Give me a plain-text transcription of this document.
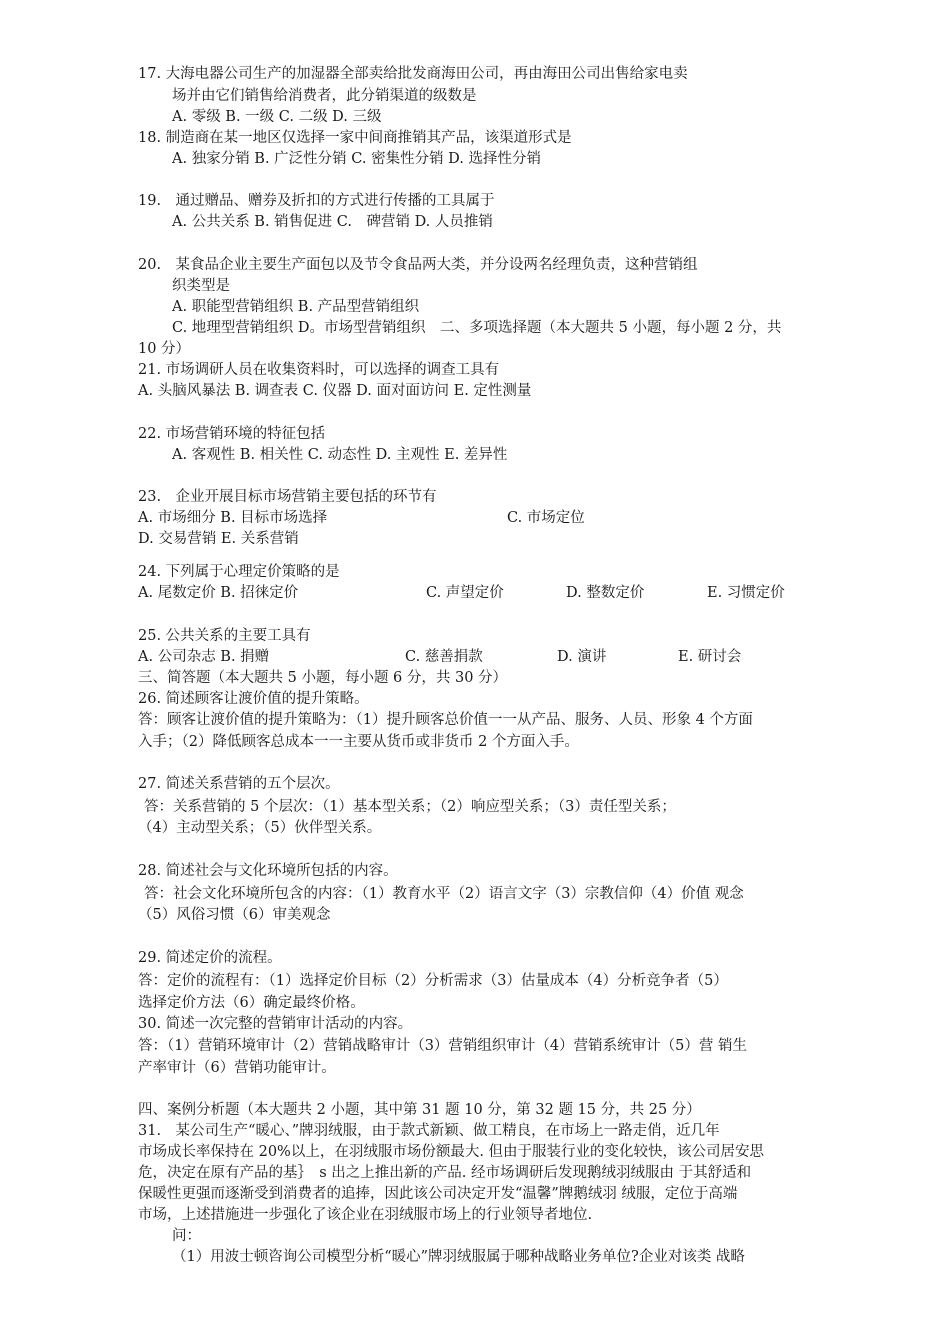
17. 大海电器公司生产的加湿器全部卖给批发商海田公司，再由海田公司出售给家电卖
场并由它们销售给消费者，此分销渠道的级数是
A. 零级 B. 一级 C. 二级 D. 三级
18. 制造商在某一地区仅选择一家中间商推销其产品，该渠道形式是
A. 独家分销 B. 广泛性分销 C. 密集性分销 D. 选择性分销
19.　通过赠品、赠券及折扣的方式进行传播的工具属于
A. 公共关系 B. 销售促进 C.　碑营销 D. 人员推销
20.　某食品企业主要生产面包以及节令食品两大类，并分设两名经理负责，这种营销组
织类型是
A. 职能型营销组织 B. 产品型营销组织
C. 地理型营销组织 D。市场型营销组织　二、多项选择题（本大题共 5 小题，每小题 2 分，共
10 分）
21. 市场调研人员在收集资料时，可以选择的调查工具有
A. 头脑风暴法 B. 调查表 C. 仪器 D. 面对面访问 E. 定性测量
22. 市场营销环境的特征包括
A. 客观性 B. 相关性 C. 动态性 D. 主观性 E. 差异性
23.　企业开展目标市场营销主要包括的环节有
A. 市场细分 B. 目标市场选择	C. 市场定位
D. 交易营销 E. 关系营销
24. 下列属于心理定价策略的是
A. 尾数定价 B. 招徕定价	C. 声望定价	D. 整数定价	E. 习惯定价
25. 公共关系的主要工具有
A. 公司杂志 B. 捐赠	C. 慈善捐款	D. 演讲	E. 研讨会
三、简答题（本大题共 5 小题，每小题 6 分，共 30 分）
26. 简述顾客让渡价值的提升策略。
答：顾客让渡价值的提升策略为：（1）提升顾客总价值一一从产品、服务、人员、形象 4 个方面
入手；（2）降低顾客总成本一一主要从货币或非货币 2 个方面入手。
27. 简述关系营销的五个层次。
答：关系营销的 5 个层次：（1）基本型关系；（2）响应型关系；（3）责任型关系；
（4）主动型关系；（5）伙伴型关系。
28. 简述社会与文化环境所包括的内容。
答：社会文化环境所包含的内容：（1）教育水平（2）语言文字（3）宗教信仰（4）价值 观念
（5）风俗习惯（6）审美观念
29. 简述定价的流程。
答：定价的流程有：（1）选择定价目标（2）分析需求（3）估量成本（4）分析竞争者（5）
选择定价方法（6）确定最终价格。
30. 简述一次完整的营销审计活动的内容。
答：（1）营销环境审计（2）营销战略审计（3）营销组织审计（4）营销系统审计（5）营 销生
产率审计（6）营销功能审计。
四、案例分析题（本大题共 2 小题，其中第 31 题 10 分，第 32 题 15 分，共 25 分）
31.　某公司生产“暖心、”牌羽绒服，由于款式新颖、做工精良，在市场上一路走俏，近几年
市场成长率保持在 20%以上，在羽绒服市场份额最大. 但由于服装行业的变化较快，该公司居安思
危，决定在原有产品的基｝　s 出之上推出新的产品. 经市场调研后发现鹅绒羽绒服由 于其舒适和
保暖性更强而逐渐受到消费者的追捧，因此该公司决定开发“温馨”牌鹅绒羽 绒服，定位于高端
市场，上述措施进一步强化了该企业在羽绒服市场上的行业领导者地位.
问：
（1）用波士顿咨询公司模型分析“暖心”牌羽绒服属于哪种战略业务单位?企业对该类 战略
